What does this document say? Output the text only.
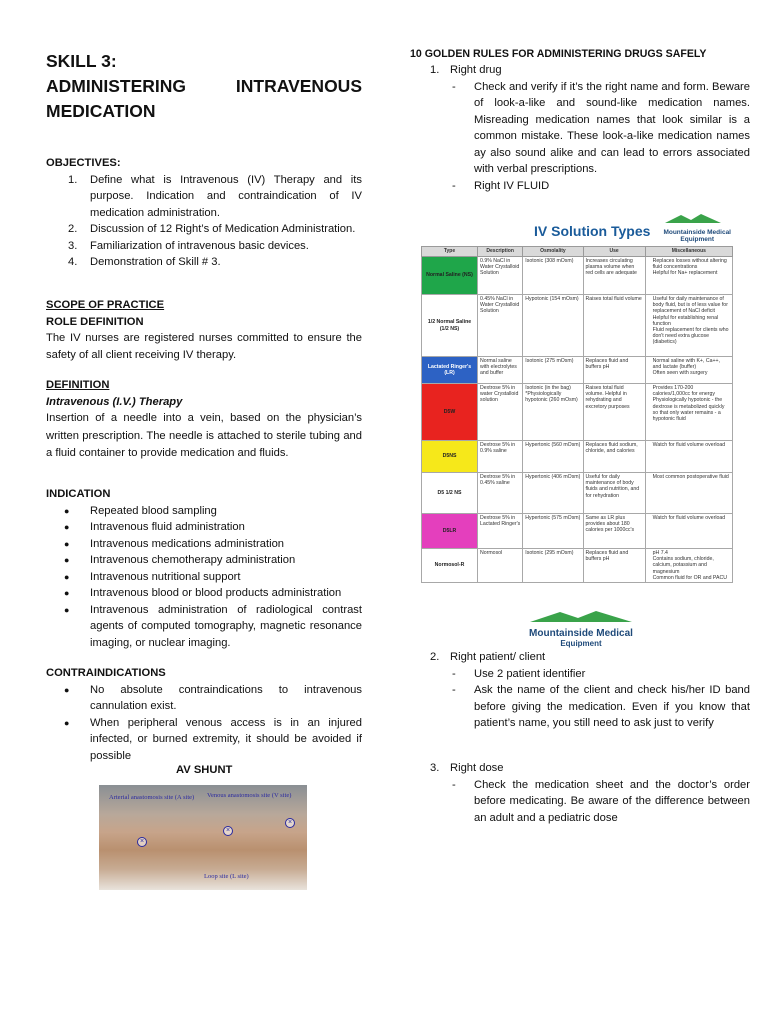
SKILL 3:
ADMINISTERING	INTRAVENOUS
MEDICATION
OBJECTIVES:
1. Define what is Intravenous (IV) Therapy and its purpose. Indication and contraindication of IV medication administration.
2. Discussion of 12 Right’s of Medication Administration.
3. Familiarization of intravenous basic devices.
4. Demonstration of Skill # 3.
SCOPE OF PRACTICE
ROLE DEFINITION
The IV nurses are registered nurses committed to ensure the safety of all client receiving IV therapy.
DEFINITION
Intravenous (I.V.) Therapy
Insertion of a needle into a vein, based on the physician’s written prescription. The needle is attached to sterile tubing and a fluid container to provide medication and fluids.
INDICATION
● Repeated blood sampling
● Intravenous fluid administration
● Intravenous medications administration
● Intravenous chemotherapy administration
● Intravenous nutritional support
● Intravenous blood or blood products administration
● Intravenous administration of radiological contrast agents of computed tomography, magnetic resonance imaging, or nuclear imaging.
CONTRAINDICATIONS
● No absolute contraindications to intravenous cannulation exist.
● When peripheral venous access is in an injured infected, or burned extremity, it should be avoided if possible
AV SHUNT
Arterial anastomosis site (A site) Venous anastomosis site (V site)
Loop site (L site)
×
×
×
10 GOLDEN RULES FOR ADMINISTERING DRUGS SAFELY
1. Right drug
- Check and verify if it’s the right name and form. Beware of look-a-like and sound-like medication names. Misreading medication names that look similar is a common mistake. These look-a-like medication names ay also sound alike and can lead to errors associated with verbal prescriptions.
- Right IV FLUID
IV Solution Types Mountainside Medical
Equipment
Type	Description	Osmolality	Use	Miscellaneous
Normal Saline (NS)	0.9% NaCl in Water Crystalloid Solution	Isotonic (308 mOsm)	Increases circulating plasma volume when red cells are adequate	Replaces losses without altering fluid concentrations
Helpful for Na+ replacement

1/2 Normal Saline (1/2 NS)	0.45% NaCl in Water Crystalloid Solution	Hypotonic (154 mOsm)	Raises total fluid volume	Useful for daily maintenance of body fluid, but is of less value for replacement of NaCl deficit
Helpful for establishing renal function
Fluid replacement for clients who don't need extra glucose (diabetics)

Lactated Ringer's (LR)	Normal saline with electrolytes and buffer	Isotonic (275 mOsm)	Replaces fluid and buffers pH	Normal saline with K+, Ca++, and lactate (buffer)
Often seen with surgery

D5W	Dextrose 5% in water Crystalloid solution	Isotonic (in the bag) *Physiologically hypotonic (260 mOsm)	Raises total fluid volume. Helpful in rehydrating and excretory purposes	Provides 170-200 calories/1,000cc for energy
Physiologically hypotonic - the dextrose is metabolized quickly so that only water remains - a hypotonic fluid

D5NS	Dextrose 5% in 0.9% saline	Hypertonic (560 mOsm)	Replaces fluid sodium, chloride, and calories	Watch for fluid volume overload

D5 1/2 NS	Dextrose 5% in 0.45% saline	Hypertonic (406 mOsm)	Useful for daily maintenance of body fluids and nutrition, and for rehydration	Most common postoperative fluid

D5LR	Dextrose 5% in Lactated Ringer's	Hypertonic (575 mOsm)	Same as LR plus provides about 180 calories per 1000cc's	Watch for fluid volume overload

Normosol-R	Normosol	Isotonic (295 mOsm)	Replaces fluid and buffers pH	pH 7.4
Contains sodium, chloride, calcium, potassium and magnesium
Common fluid for OR and PACU
Mountainside Medical
Equipment
2. Right patient/ client
- Use 2 patient identifier
- Ask the name of the client and check his/her ID band before giving the medication. Even if you know that patient’s name, you still need to ask just to verify
3. Right dose
- Check the medication sheet and the doctor’s order before medicating. Be aware of the difference between an adult and a pediatric dose
